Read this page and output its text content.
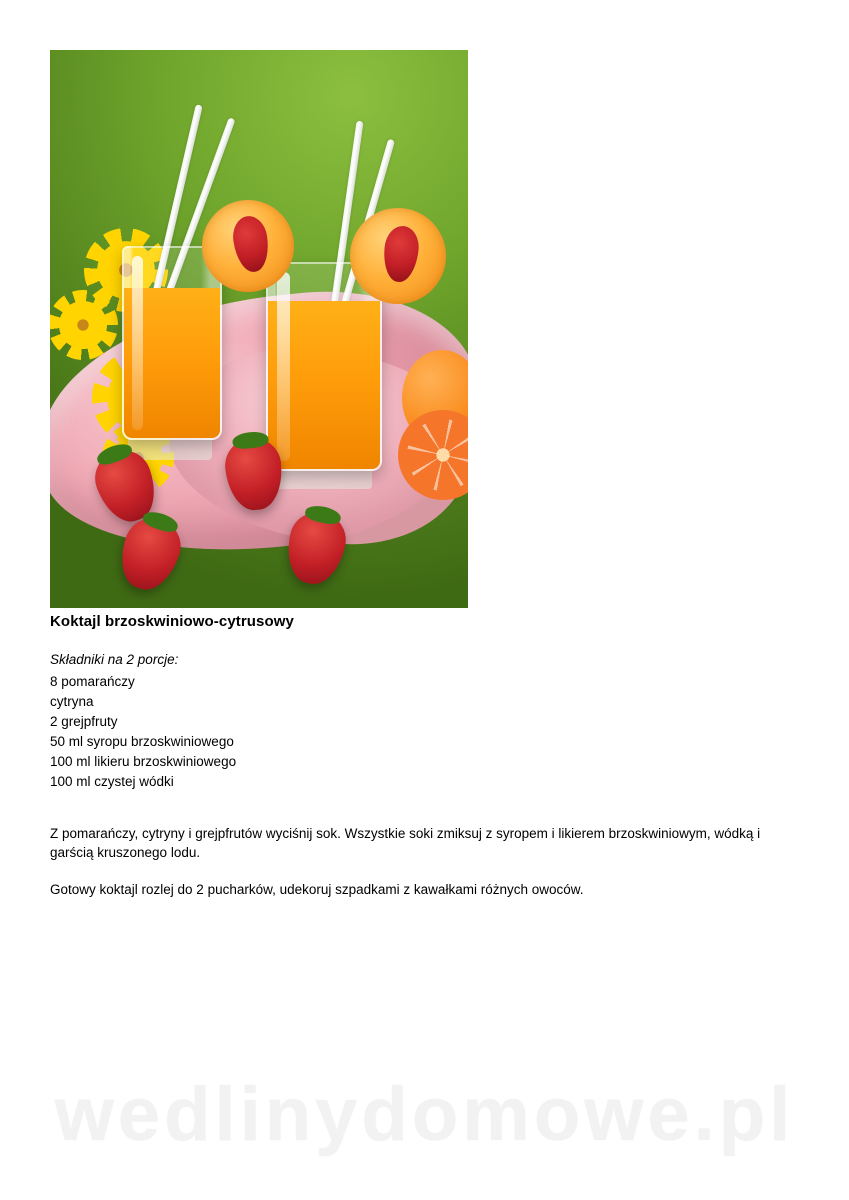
Koktajl brzoskwiniowo-cytrusowy
Składniki na 2 porcje:
8 pomarańczy
cytryna
2 grejpfruty
50 ml syropu brzoskwiniowego
100 ml likieru brzoskwiniowego
100 ml czystej wódki

Z pomarańczy, cytryny i grejpfrutów wyciśnij sok. Wszystkie soki zmiksuj z syropem i likierem brzoskwiniowym, wódką i garścią kruszonego lodu.

Gotowy koktajl rozlej do 2 pucharków, udekoruj szpadkami z kawałkami różnych owoców.

wedlinydomowe.pl
